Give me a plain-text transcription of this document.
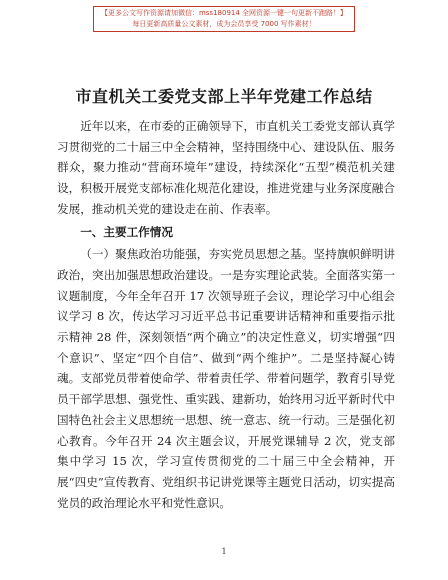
【更多公文写作资源请加微信：mss180914 全网资源一键一句更新不跑路！】
每日更新高质量公文素材，成为会员享受 7000 写作素材！
市直机关工委党支部上半年党建工作总结

近年以来，在市委的正确领导下，市直机关工委党支部认真学习贯彻党的二十届三中全会精神，坚持围绕中心、建设队伍、服务群众，聚力推动“营商环境年”建设，持续深化“五型”模范机关建设，积极开展党支部标准化规范化建设，推进党建与业务深度融合发展，推动机关党的建设走在前、作表率。

一、主要工作情况

（一）聚焦政治功能强，夯实党员思想之基。坚持旗帜鲜明讲政治，突出加强思想政治建设。一是夯实理论武装。全面落实第一议题制度，今年全年召开 17 次领导班子会议，理论学习中心组会议学习 8 次，传达学习习近平总书记重要讲话精神和重要指示批示精神 28 件，深刻领悟“两个确立”的决定性意义，切实增强“四个意识”、坚定“四个自信”、做到“两个维护”。二是坚持凝心铸魂。支部党员带着使命学、带着责任学、带着问题学，教育引导党员干部学思想、强党性、重实践、建新功，始终用习近平新时代中国特色社会主义思想统一思想、统一意志、统一行动。三是强化初心教育。今年召开 24 次主题会议，开展党课辅导 2 次，党支部集中学习 15 次，学习宣传贯彻党的二十届三中全会精神，开展“四史”宣传教育、党组织书记讲党课等主题党日活动，切实提高党员的政治理论水平和党性意识。

1
